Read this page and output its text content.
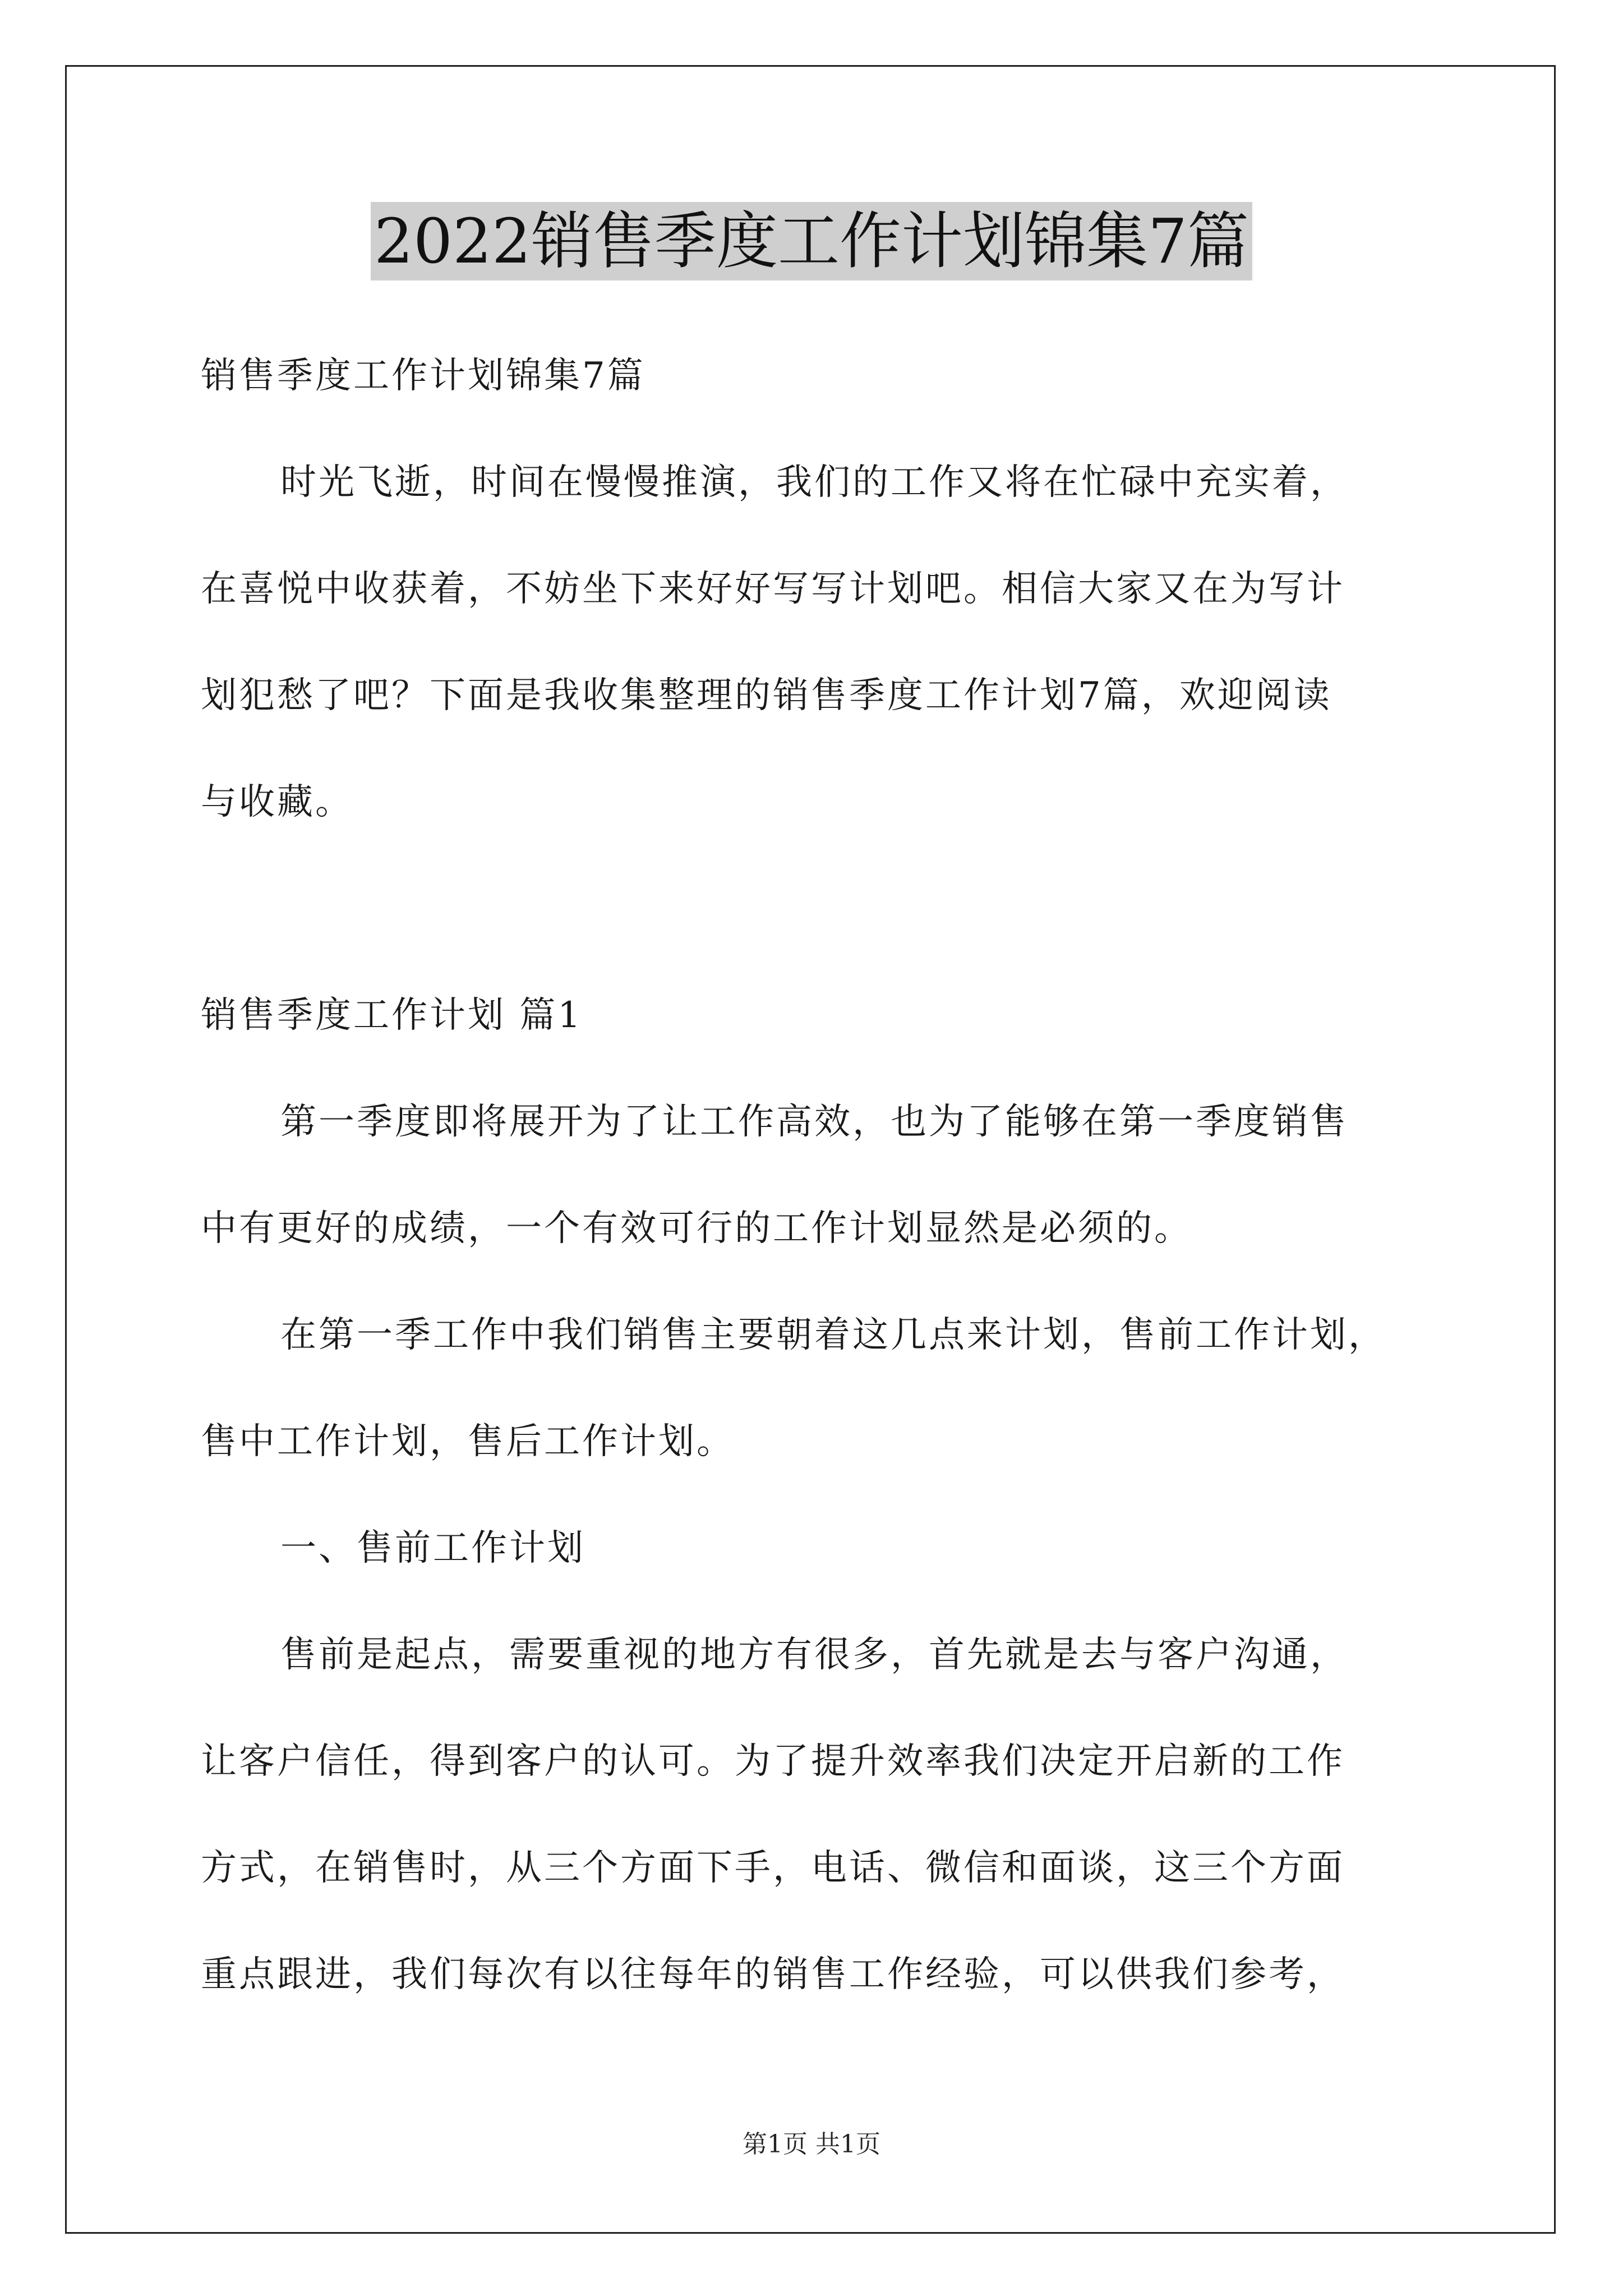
2022销售季度工作计划锦集7篇
销售季度工作计划锦集7篇
时光飞逝，时间在慢慢推演，我们的工作又将在忙碌中充实着，
在喜悦中收获着，不妨坐下来好好写写计划吧。相信大家又在为写计
划犯愁了吧？下面是我收集整理的销售季度工作计划7篇，欢迎阅读
与收藏。
销售季度工作计划 篇1
第一季度即将展开为了让工作高效，也为了能够在第一季度销售
中有更好的成绩，一个有效可行的工作计划显然是必须的。
在第一季工作中我们销售主要朝着这几点来计划，售前工作计划，
售中工作计划，售后工作计划。
一、售前工作计划
售前是起点，需要重视的地方有很多，首先就是去与客户沟通，
让客户信任，得到客户的认可。为了提升效率我们决定开启新的工作
方式，在销售时，从三个方面下手，电话、微信和面谈，这三个方面
重点跟进，我们每次有以往每年的销售工作经验，可以供我们参考，
第1页 共1页
